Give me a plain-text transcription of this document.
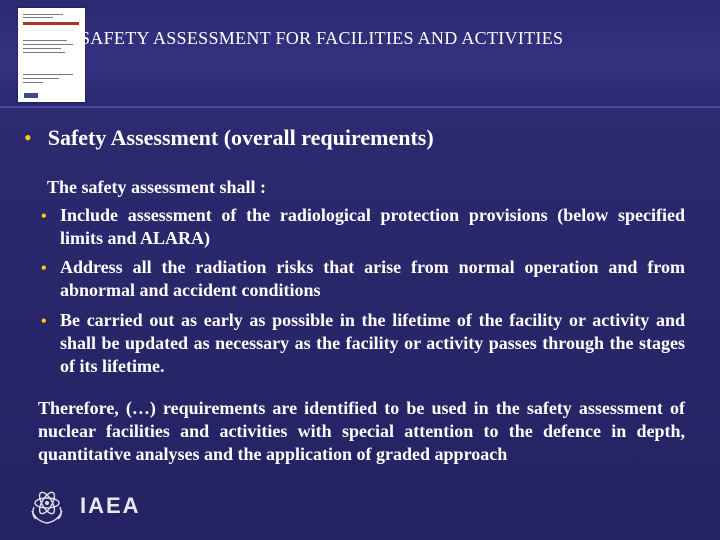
SAFETY ASSESSMENT FOR FACILITIES AND ACTIVITIES
• Safety Assessment (overall requirements)
The safety assessment shall :
• Include assessment of the radiological protection provisions (below specified limits and ALARA)
• Address all the radiation risks that arise from normal operation and from abnormal and accident conditions
• Be carried out as early as possible in the lifetime of the facility or activity and shall be updated as necessary as the facility or activity passes through the stages of its lifetime.
Therefore, (…) requirements are identified to be used in the safety assessment of nuclear facilities and activities with special attention to the defence in depth, quantitative analyses and the application of graded approach
IAEA
